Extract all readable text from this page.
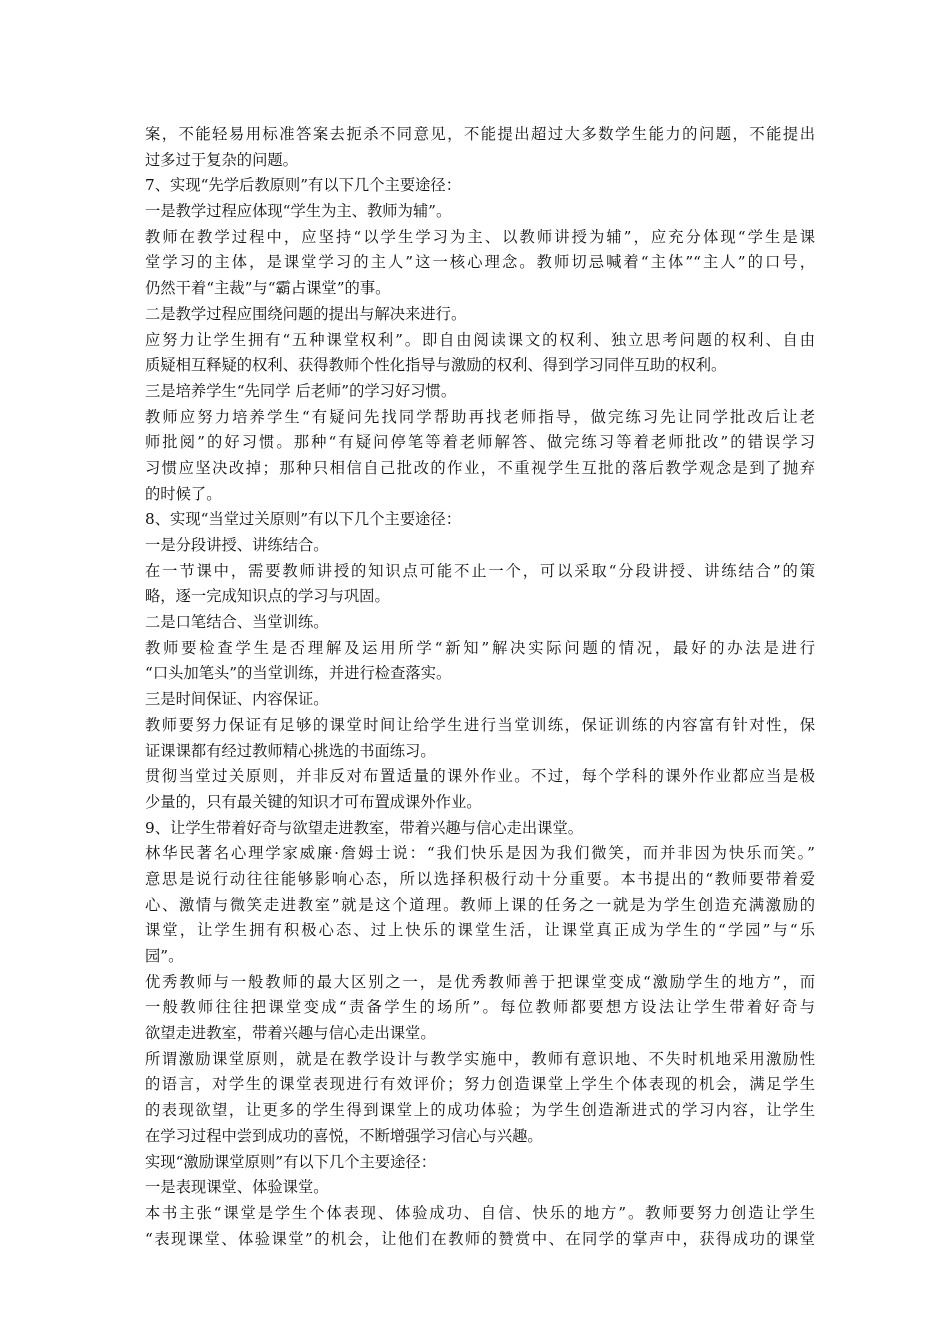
案，不能轻易用标准答案去扼杀不同意见，不能提出超过大多数学生能力的问题，不能提出
过多过于复杂的问题。
7、实现“先学后教原则”有以下几个主要途径：
一是教学过程应体现“学生为主、教师为辅”。
教师在教学过程中，应坚持“以学生学习为主、以教师讲授为辅”，应充分体现“学生是课
堂学习的主体，是课堂学习的主人”这一核心理念。教师切忌喊着“主体”“主人”的口号，
仍然干着“主裁”与“霸占课堂”的事。
二是教学过程应围绕问题的提出与解决来进行。
应努力让学生拥有“五种课堂权利”。即自由阅读课文的权利、独立思考问题的权利、自由
质疑相互释疑的权利、获得教师个性化指导与激励的权利、得到学习同伴互助的权利。
三是培养学生“先同学 后老师”的学习好习惯。
教师应努力培养学生“有疑问先找同学帮助再找老师指导，做完练习先让同学批改后让老
师批阅”的好习惯。那种“有疑问停笔等着老师解答、做完练习等着老师批改”的错误学习
习惯应坚决改掉；那种只相信自己批改的作业，不重视学生互批的落后教学观念是到了抛弃
的时候了。
8、实现“当堂过关原则”有以下几个主要途径：
一是分段讲授、讲练结合。
在一节课中，需要教师讲授的知识点可能不止一个，可以采取“分段讲授、讲练结合”的策
略，逐一完成知识点的学习与巩固。
二是口笔结合、当堂训练。
教师要检查学生是否理解及运用所学“新知”解决实际问题的情况，最好的办法是进行
“口头加笔头”的当堂训练，并进行检查落实。
三是时间保证、内容保证。
教师要努力保证有足够的课堂时间让给学生进行当堂训练，保证训练的内容富有针对性，保
证课课都有经过教师精心挑选的书面练习。
贯彻当堂过关原则，并非反对布置适量的课外作业。不过，每个学科的课外作业都应当是极
少量的，只有最关键的知识才可布置成课外作业。
9、让学生带着好奇与欲望走进教室，带着兴趣与信心走出课堂。
林华民著名心理学家威廉·詹姆士说：“我们快乐是因为我们微笑，而并非因为快乐而笑。”
意思是说行动往往能够影响心态，所以选择积极行动十分重要。本书提出的“教师要带着爱
心、激情与微笑走进教室”就是这个道理。教师上课的任务之一就是为学生创造充满激励的
课堂，让学生拥有积极心态、过上快乐的课堂生活，让课堂真正成为学生的“学园”与“乐
园”。
优秀教师与一般教师的最大区别之一，是优秀教师善于把课堂变成“激励学生的地方”，而
一般教师往往把课堂变成“责备学生的场所”。每位教师都要想方设法让学生带着好奇与
欲望走进教室，带着兴趣与信心走出课堂。
所谓激励课堂原则，就是在教学设计与教学实施中，教师有意识地、不失时机地采用激励性
的语言，对学生的课堂表现进行有效评价；努力创造课堂上学生个体表现的机会，满足学生
的表现欲望，让更多的学生得到课堂上的成功体验；为学生创造渐进式的学习内容，让学生
在学习过程中尝到成功的喜悦，不断增强学习信心与兴趣。
实现“激励课堂原则”有以下几个主要途径：
一是表现课堂、体验课堂。
本书主张“课堂是学生个体表现、体验成功、自信、快乐的地方”。教师要努力创造让学生
“表现课堂、体验课堂”的机会，让他们在教师的赞赏中、在同学的掌声中，获得成功的课堂
